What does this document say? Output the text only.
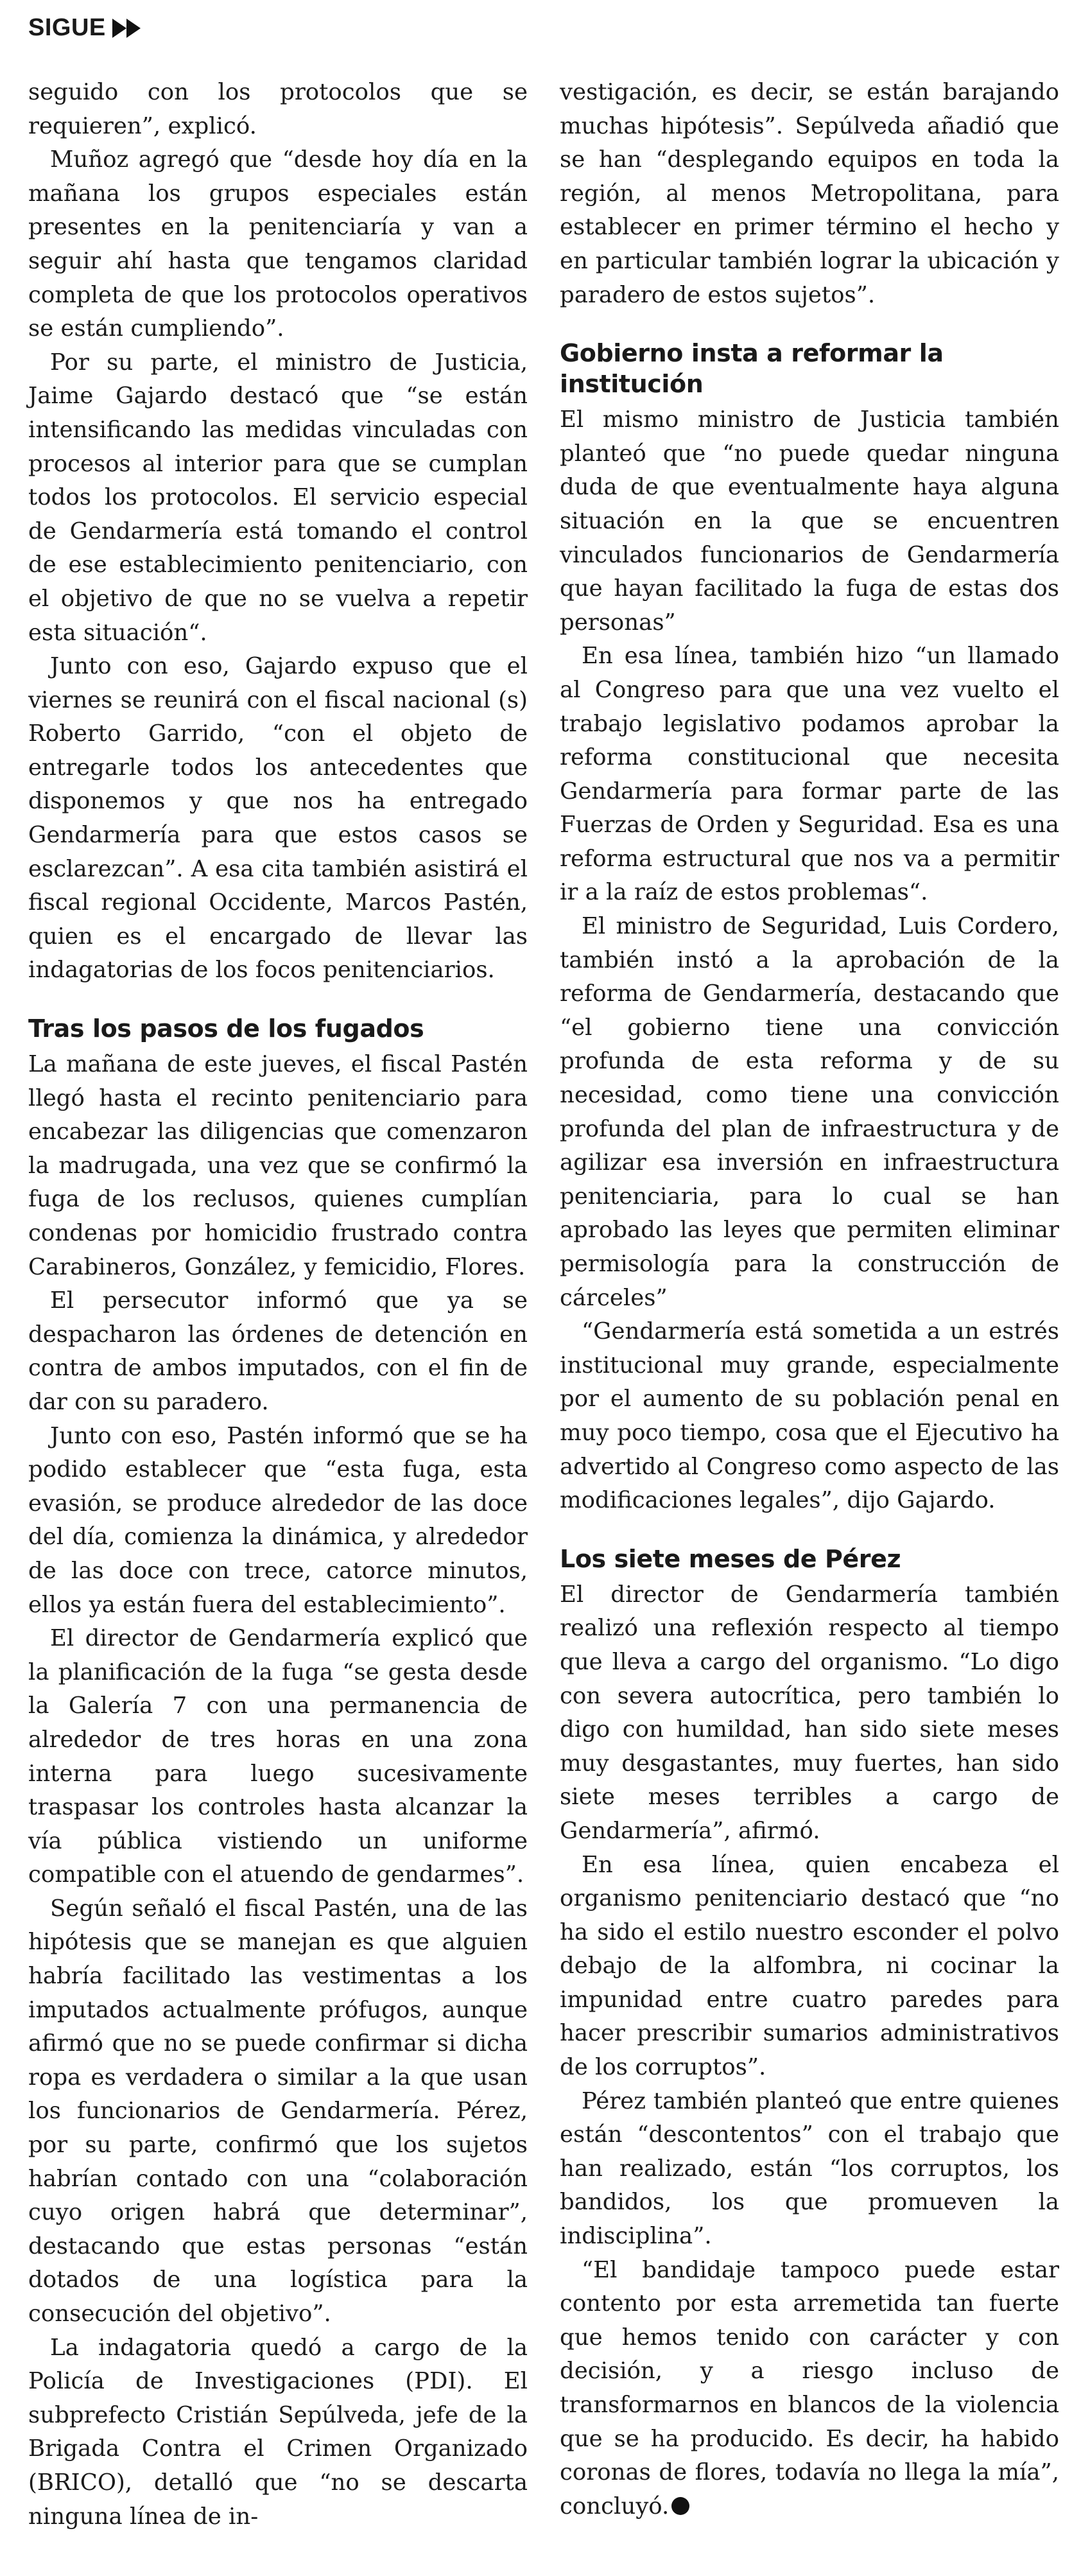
SIGUE

seguido con los protocolos que se requieren”, explicó.

Muñoz agregó que “desde hoy día en la mañana los grupos especiales están presentes en la penitenciaría y van a seguir ahí hasta que tengamos claridad completa de que los protocolos operativos se están cumpliendo”.

Por su parte, el ministro de Justicia, Jaime Gajardo destacó que “se están intensificando las medidas vinculadas con procesos al interior para que se cumplan todos los protocolos. El servicio especial de Gendarmería está tomando el control de ese establecimiento penitenciario, con el objetivo de que no se vuelva a repetir esta situación“.

Junto con eso, Gajardo expuso que el viernes se reunirá con el fiscal nacional (s) Roberto Garrido, “con el objeto de entregarle todos los antecedentes que disponemos y que nos ha entregado Gendarmería para que estos casos se esclarezcan”. A esa cita también asistirá el fiscal regional Occidente, Marcos Pastén, quien es el encargado de llevar las indagatorias de los focos penitenciarios.

Tras los pasos de los fugados

La mañana de este jueves, el fiscal Pastén llegó hasta el recinto penitenciario para encabezar las diligencias que comenzaron la madrugada, una vez que se confirmó la fuga de los reclusos, quienes cumplían condenas por homicidio frustrado contra Carabineros, González, y femicidio, Flores.

El persecutor informó que ya se despacharon las órdenes de detención en contra de ambos imputados, con el fin de dar con su paradero.

Junto con eso, Pastén informó que se ha podido establecer que “esta fuga, esta evasión, se produce alrededor de las doce del día, comienza la dinámica, y alrededor de las doce con trece, catorce minutos, ellos ya están fuera del establecimiento”.

El director de Gendarmería explicó que la planificación de la fuga “se gesta desde la Galería 7 con una permanencia de alrededor de tres horas en una zona interna para luego sucesivamente traspasar los controles hasta alcanzar la vía pública vistiendo un uniforme compatible con el atuendo de gendarmes”.

Según señaló el fiscal Pastén, una de las hipótesis que se manejan es que alguien habría facilitado las vestimentas a los imputados actualmente prófugos, aunque afirmó que no se puede confirmar si dicha ropa es verdadera o similar a la que usan los funcionarios de Gendarmería. Pérez, por su parte, confirmó que los sujetos habrían contado con una “colaboración cuyo origen habrá que determinar”, destacando que estas personas “están dotados de una logística para la consecución del objetivo”.

La indagatoria quedó a cargo de la Policía de Investigaciones (PDI). El subprefecto Cristián Sepúlveda, jefe de la Brigada Contra el Crimen Organizado (BRICO), detalló que “no se descarta ninguna línea de in-

vestigación, es decir, se están barajando muchas hipótesis”. Sepúlveda añadió que se han “desplegando equipos en toda la región, al menos Metropolitana, para establecer en primer término el hecho y en particular también lograr la ubicación y paradero de estos sujetos”.

Gobierno insta a reformar la institución

El mismo ministro de Justicia también planteó que “no puede quedar ninguna duda de que eventualmente haya alguna situación en la que se encuentren vinculados funcionarios de Gendarmería que hayan facilitado la fuga de estas dos personas”

En esa línea, también hizo “un llamado al Congreso para que una vez vuelto el trabajo legislativo podamos aprobar la reforma constitucional que necesita Gendarmería para formar parte de las Fuerzas de Orden y Seguridad. Esa es una reforma estructural que nos va a permitir ir a la raíz de estos problemas“.

El ministro de Seguridad, Luis Cordero, también instó a la aprobación de la reforma de Gendarmería, destacando que “el gobierno tiene una convicción profunda de esta reforma y de su necesidad, como tiene una convicción profunda del plan de infraestructura y de agilizar esa inversión en infraestructura penitenciaria, para lo cual se han aprobado las leyes que permiten eliminar permisología para la construcción de cárceles”

“Gendarmería está sometida a un estrés institucional muy grande, especialmente por el aumento de su población penal en muy poco tiempo, cosa que el Ejecutivo ha advertido al Congreso como aspecto de las modificaciones legales”, dijo Gajardo.

Los siete meses de Pérez

El director de Gendarmería también realizó una reflexión respecto al tiempo que lleva a cargo del organismo. “Lo digo con severa autocrítica, pero también lo digo con humildad, han sido siete meses muy desgastantes, muy fuertes, han sido siete meses terribles a cargo de Gendarmería”, afirmó.

En esa línea, quien encabeza el organismo penitenciario destacó que “no ha sido el estilo nuestro esconder el polvo debajo de la alfombra, ni cocinar la impunidad entre cuatro paredes para hacer prescribir sumarios administrativos de los corruptos”.

Pérez también planteó que entre quienes están “descontentos” con el trabajo que han realizado, están “los corruptos, los bandidos, los que promueven la indisciplina”.

“El bandidaje tampoco puede estar contento por esta arremetida tan fuerte que hemos tenido con carácter y con decisión, y a riesgo incluso de transformarnos en blancos de la violencia que se ha producido. Es decir, ha habido coronas de flores, todavía no llega la mía”, concluyó.
